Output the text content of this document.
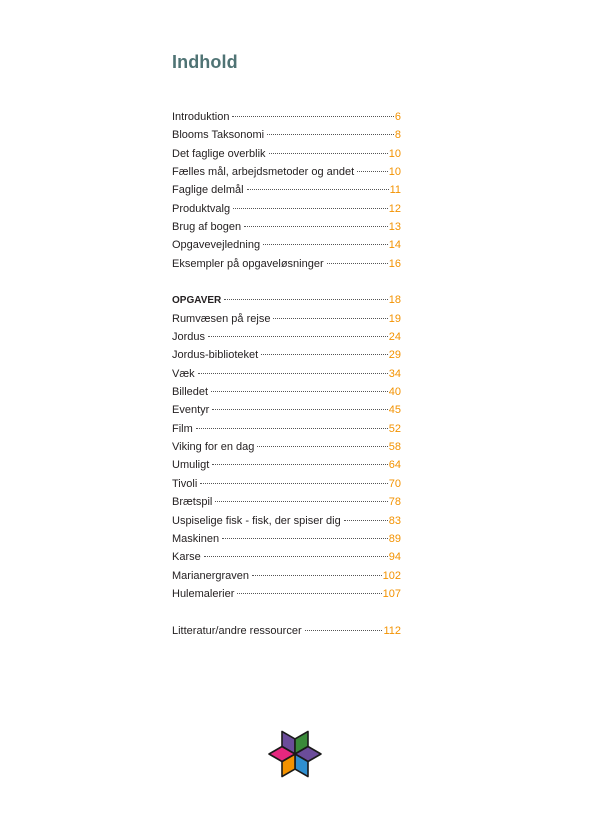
Indhold
Introduktion	6
Blooms Taksonomi	8
Det faglige overblik	10
Fælles mål, arbejdsmetoder og andet	10
Faglige delmål	11
Produktvalg	12
Brug af bogen	13
Opgavevejledning	14
Eksempler på opgaveløsninger	16
OPGAVER	18
Rumvæsen på rejse	19
Jordus	24
Jordus-biblioteket	29
Væk	34
Billedet	40
Eventyr	45
Film	52
Viking for en dag	58
Umuligt	64
Tivoli	70
Brætspil	78
Uspiselige fisk - fisk, der spiser dig	83
Maskinen	89
Karse	94
Marianergraven	102
Hulemalerier	107
Litteratur/andre ressourcer	112
